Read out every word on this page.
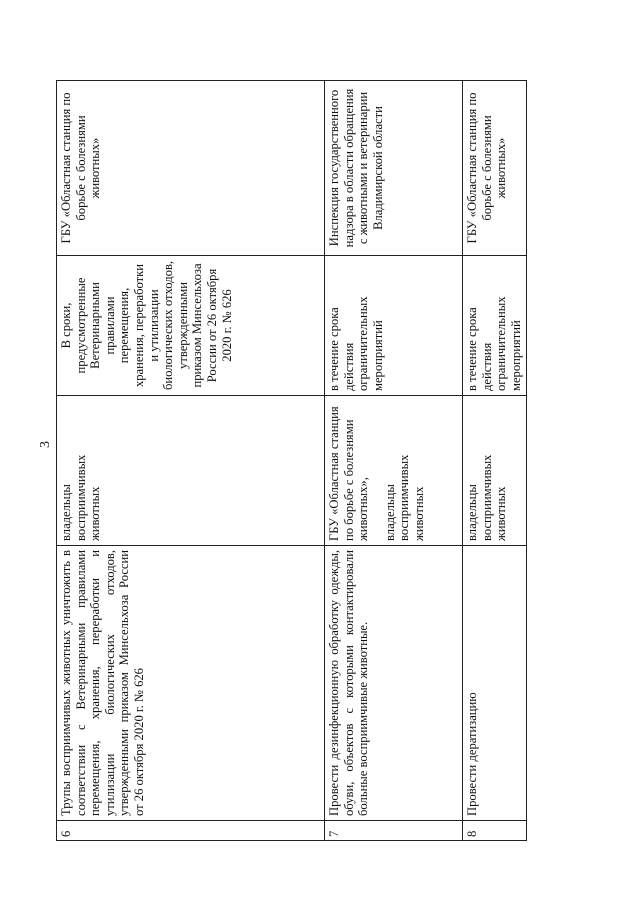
3
6	Трупы восприимчивых животных уничтожить в соответствии с Ветеринарными правилами перемещения, хранения, переработки и утилизации биологических отходов, утвержденными приказом Минсельхоза России от 26 октября 2020 г. № 626	владельцы восприимчивых животных	В сроки, предусмотренные Ветеринарными правилами перемещения, хранения, переработки и утилизации биологических отходов, утвержденными приказом Минсельхоза России от 26 октября 2020 г. № 626	ГБУ «Областная станция по борьбе с болезнями животных»
7	Провести дезинфекционную обработку одежды, обуви, объектов с которыми контактировали больные восприимчивые животные.	ГБУ «Областная станция по борьбе с болезнями животных», владельцы восприимчивых животных	в течение срока действия ограничительных мероприятий	Инспекция государственного надзора в области обращения с животными и ветеринарии Владимирской области
8	Провести дератизацию	владельцы восприимчивых животных	в течение срока действия ограничительных мероприятий	ГБУ «Областная станция по борьбе с болезнями животных»
